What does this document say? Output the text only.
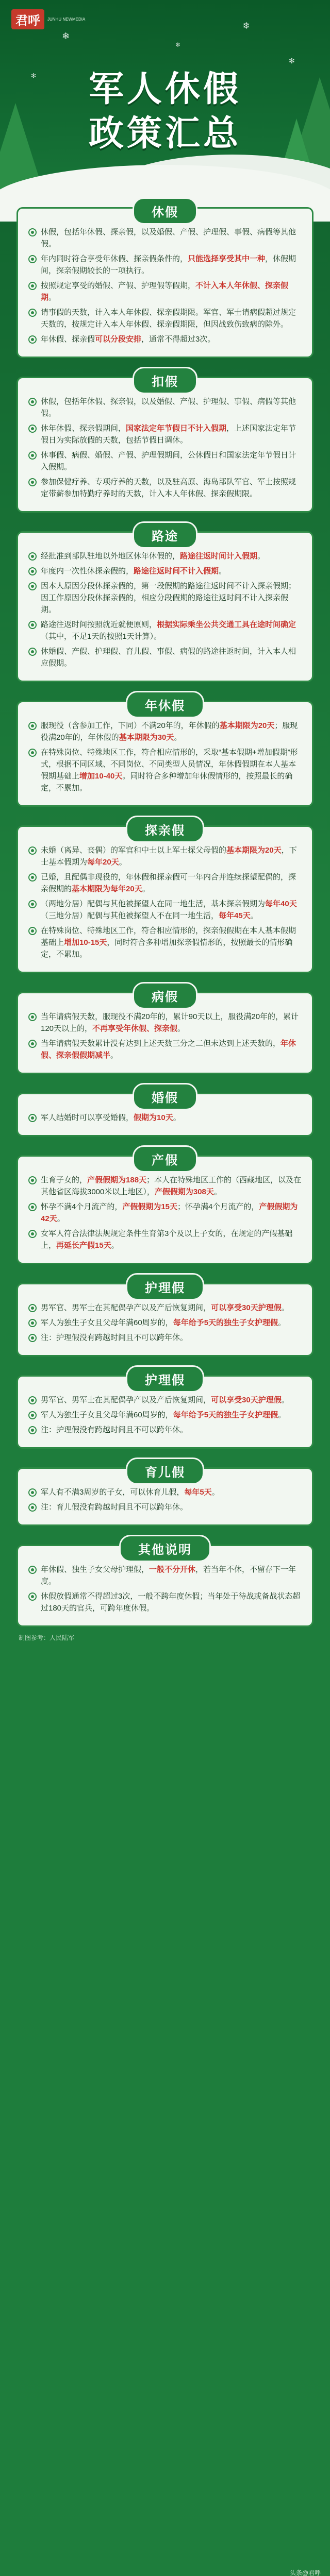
君呼	JUNHU NEWMEDIA
❄
❄
✻
✻
❄
军人休假
政策汇总
休假

休假，包括年休假、探亲假，以及婚假、产假、护理假、事假、病假等其他假。

年内同时符合享受年休假、探亲假条件的，只能选择享受其中一种，休假期间，探亲假期较长的一项执行。

按照规定享受的婚假、产假、护理假等假期，不计入本人年休假、探亲假期。

请事假的天数，计入本人年休假、探亲假期限。军官、军士请病假超过规定天数的，按规定计入本人年休假、探亲假期限，但因战致伤致病的除外。

年休假、探亲假可以分段安排，通常不得超过3次。

扣假

休假，包括年休假、探亲假，以及婚假、产假、护理假、事假、病假等其他假。

休年休假、探亲假期间，国家法定年节假日不计入假期，上述国家法定年节假日为实际放假的天数，包括节假日调休。

休事假、病假、婚假、产假、护理假期间，公休假日和国家法定年节假日计入假期。

参加保健疗养、专项疗养的天数，以及驻高原、海岛部队军官、军士按照规定带薪参加特勤疗养时的天数，计入本人年休假、探亲假期限。

路途

经批准到部队驻地以外地区休年休假的，路途往返时间计入假期。

年度内一次性休探亲假的，路途往返时间不计入假期。

因本人原因分段休探亲假的，第一段假期的路途往返时间不计入探亲假期；因工作原因分段休探亲假的，相应分段假期的路途往返时间不计入探亲假期。

路途往返时间按照就近就便原则，根据实际乘坐公共交通工具在途时间确定（其中，不足1天的按照1天计算）。

休婚假、产假、护理假、育儿假、事假、病假的路途往返时间，计入本人相应假期。

年休假

服现役（含参加工作，下同）不满20年的，年休假的基本期限为20天；服现役满20年的，年休假的基本期限为30天。

在特殊岗位、特殊地区工作，符合相应情形的，采取“基本假期+增加假期”形式，根据不同区域、不同岗位、不同类型人员情况，年休假假期在本人基本假期基础上增加10-40天。同时符合多种增加年休假情形的，按照最长的确定，不累加。

探亲假

未婚（离异、丧偶）的军官和中士以上军士探父母假的基本期限为20天，下士基本假期为每年20天。

已婚，且配偶非现役的，年休假和探亲假可一年内合并连续探望配偶的，探亲假期的基本期限为每年20天。

（两地分居）配偶与其他被探望人在同一地生活，基本探亲假期为每年40天（三地分居）配偶与其他被探望人不在同一地生活，每年45天。

在特殊岗位、特殊地区工作，符合相应情形的，探亲假假期在本人基本假期基础上增加10-15天，同时符合多种增加探亲假情形的，按照最长的情形确定，不累加。

病假

当年请病假天数，服现役不满20年的，累计90天以上，服役满20年的，累计120天以上的，不再享受年休假、探亲假。

当年请病假天数累计没有达到上述天数三分之二但未达到上述天数的，年休假、探亲假假期减半。

婚假

军人结婚时可以享受婚假，假期为10天。

产假

生育子女的，产假假期为188天；本人在特殊地区工作的（西藏地区，以及在其他省区海拔3000米以上地区），产假假期为308天。

怀孕不满4个月流产的，产假假期为15天；怀孕满4个月流产的，产假假期为42天。

女军人符合法律法规规定条件生育第3个及以上子女的，在规定的产假基础上，再延长产假15天。

护理假

男军官、男军士在其配偶孕产以及产后恢复期间，可以享受30天护理假。

军人为独生子女且父母年满60周岁的，每年给予5天的独生子女护理假。

注：护理假没有跨越时间且不可以跨年休。

护理假

男军官、男军士在其配偶孕产以及产后恢复期间，可以享受30天护理假。

军人为独生子女且父母年满60周岁的，每年给予5天的独生子女护理假。

注：护理假没有跨越时间且不可以跨年休。

育儿假

军人有不满3周岁的子女，可以休育儿假，每年5天。

注：育儿假没有跨越时间且不可以跨年休。

其他说明

年休假、独生子女父母护理假，一般不分开休，若当年不休，不留存下一年度。

休假放假通常不得超过3次，一般不跨年度休假；当年处于待战或备战状态超过180天的官兵，可跨年度休假。

制图参考：人民陆军
头条@君呼
